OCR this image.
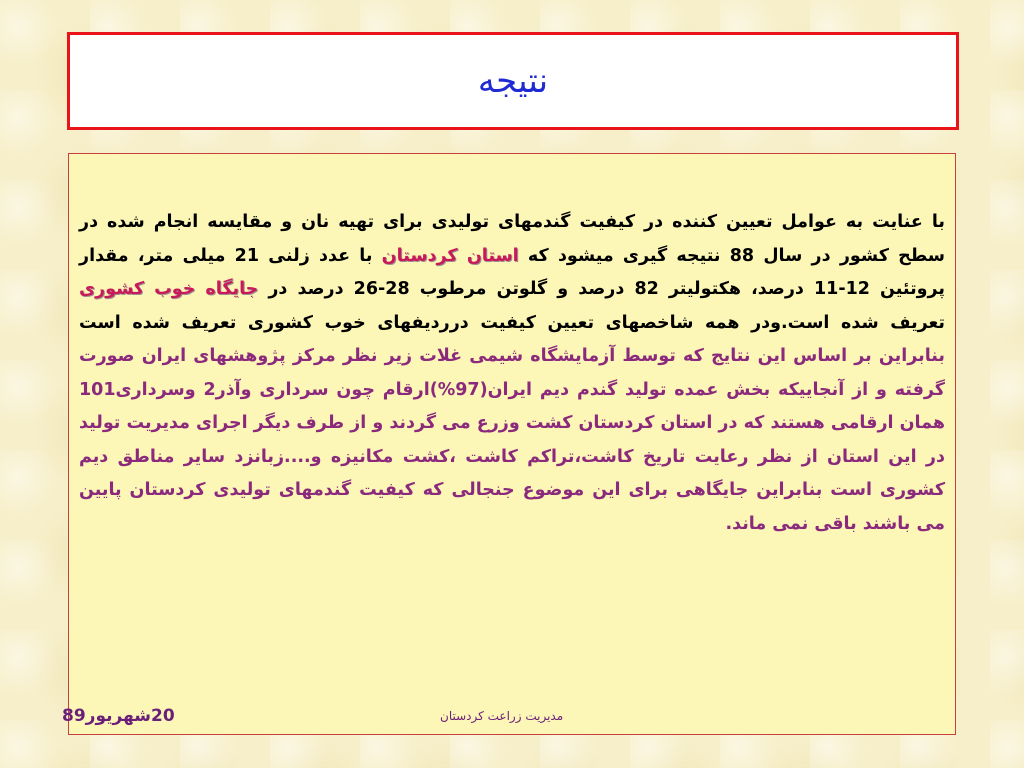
نتیجه
با عنایت به عوامل تعیین کننده در کیفیت گندمهای تولیدی برای تهیه نان و مقایسه انجام شده در سطح کشور در سال 88 نتیجه گیری میشود که استان کردستان با عدد زلنی 21 میلی متر، مقدار پروتئین 12-11 درصد، هکتولیتر 82 درصد و گلوتن مرطوب 28-26 درصد در جایگاه خوب کشوری تعریف شده است.ودر همه شاخصهای تعیین کیفیت درردیفهای خوب کشوری تعریف شده است بنابراین بر اساس این نتایج که توسط آزمایشگاه شیمی غلات زیر نظر مرکز پژوهشهای ایران صورت گرفته و از آنجاییکه بخش عمده تولید گندم دیم ایران(97%)ارقام چون سرداری وآذر2 وسرداری101 همان ارقامی هستند که در استان کردستان کشت وزرع می گردند و از طرف دیگر اجرای مدیریت تولید در این استان از نظر رعایت تاریخ کاشت،تراکم کاشت ،کشت مکانیزه و....زبانزد سایر مناطق دیم کشوری است بنابراین جایگاهی برای این موضوع جنجالی که کیفیت گندمهای تولیدی کردستان پایین می باشند باقی نمی ماند.
20شهریور89	مدیریت زراعت کردستان
